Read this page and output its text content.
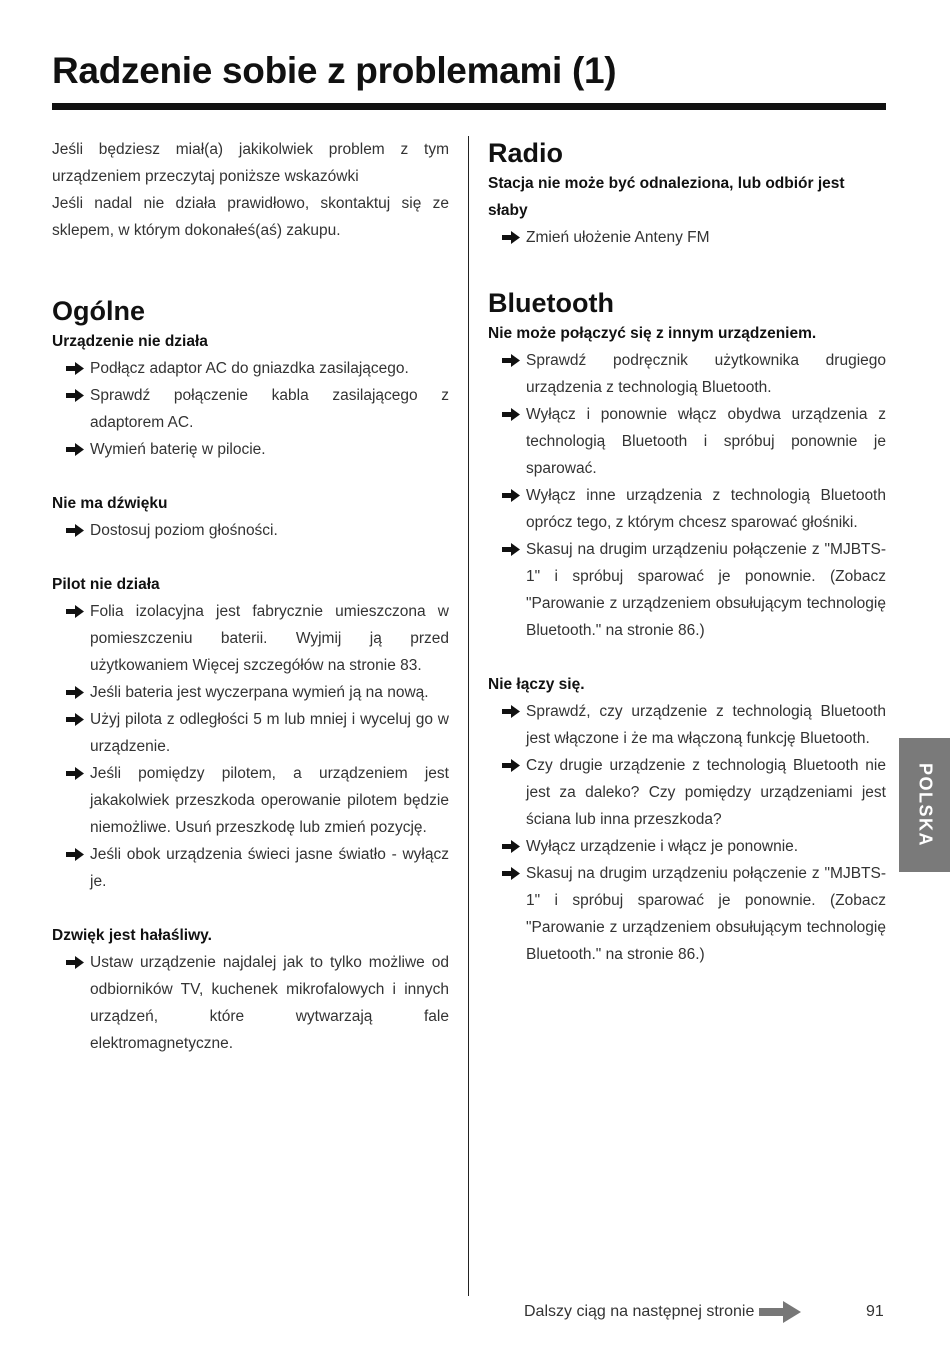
Radzenie sobie z problemami (1)

Jeśli będziesz miał(a) jakikolwiek problem z tym urządzeniem przeczytaj poniższe wskazówki

Jeśli nadal nie działa prawidłowo, skontaktuj się ze sklepem, w którym dokonałeś(aś) zakupu.

Ogólne
Urządzenie nie działa
Podłącz adaptor AC do gniazdka zasilającego.
Sprawdź połączenie kabla zasilającego z adaptorem AC.
Wymień baterię w pilocie.
Nie ma dźwięku
Dostosuj poziom głośności.
Pilot nie działa
Folia izolacyjna jest fabrycznie umieszczona w pomieszczeniu baterii. Wyjmij ją przed użytkowaniem Więcej szczegółów na stronie 83.
Jeśli bateria jest wyczerpana wymień ją na nową.
Użyj pilota z odległości 5 m lub mniej i wyceluj go w urządzenie.
Jeśli pomiędzy pilotem, a urządzeniem jest jakakolwiek przeszkoda operowanie pilotem będzie niemożliwe. Usuń przeszkodę lub zmień pozycję.
Jeśli obok urządzenia świeci jasne światło - wyłącz je.
Dzwięk jest hałaśliwy.
Ustaw urządzenie najdalej jak to tylko możliwe od odbiorników TV, kuchenek mikrofalowych i innych urządzeń, które wytwarzają fale elektromagnetyczne.
Radio
Stacja nie może być odnaleziona, lub odbiór jest słaby
Zmień ułożenie Anteny FM
Bluetooth
Nie może połączyć się z innym urządzeniem.
Sprawdź podręcznik użytkownika drugiego urządzenia z technologią Bluetooth.
Wyłącz i ponownie włącz obydwa urządzenia z technologią Bluetooth i spróbuj ponownie je sparować.
Wyłącz inne urządzenia z technologią Bluetooth oprócz tego, z którym chcesz sparować głośniki.
Skasuj na drugim urządzeniu połączenie z "MJBTS-1" i spróbuj sparować je ponownie. (Zobacz "Parowanie z urządzeniem obsułującym technologię Bluetooth." na stronie 86.)
Nie łączy się.
Sprawdź, czy urządzenie z technologią Bluetooth jest włączone i że ma włączoną funkcję Bluetooth.
Czy drugie urządzenie z technologią Bluetooth nie jest za daleko? Czy pomiędzy urządzeniami jest ściana lub inna przeszkoda?
Wyłącz urządzenie i włącz je ponownie.
Skasuj na drugim urządzeniu połączenie z "MJBTS-1" i spróbuj sparować je ponownie. (Zobacz "Parowanie z urządzeniem obsułującym technologię Bluetooth." na stronie 86.)
POLSKA
Dalszy ciąg na następnej stronie	91
